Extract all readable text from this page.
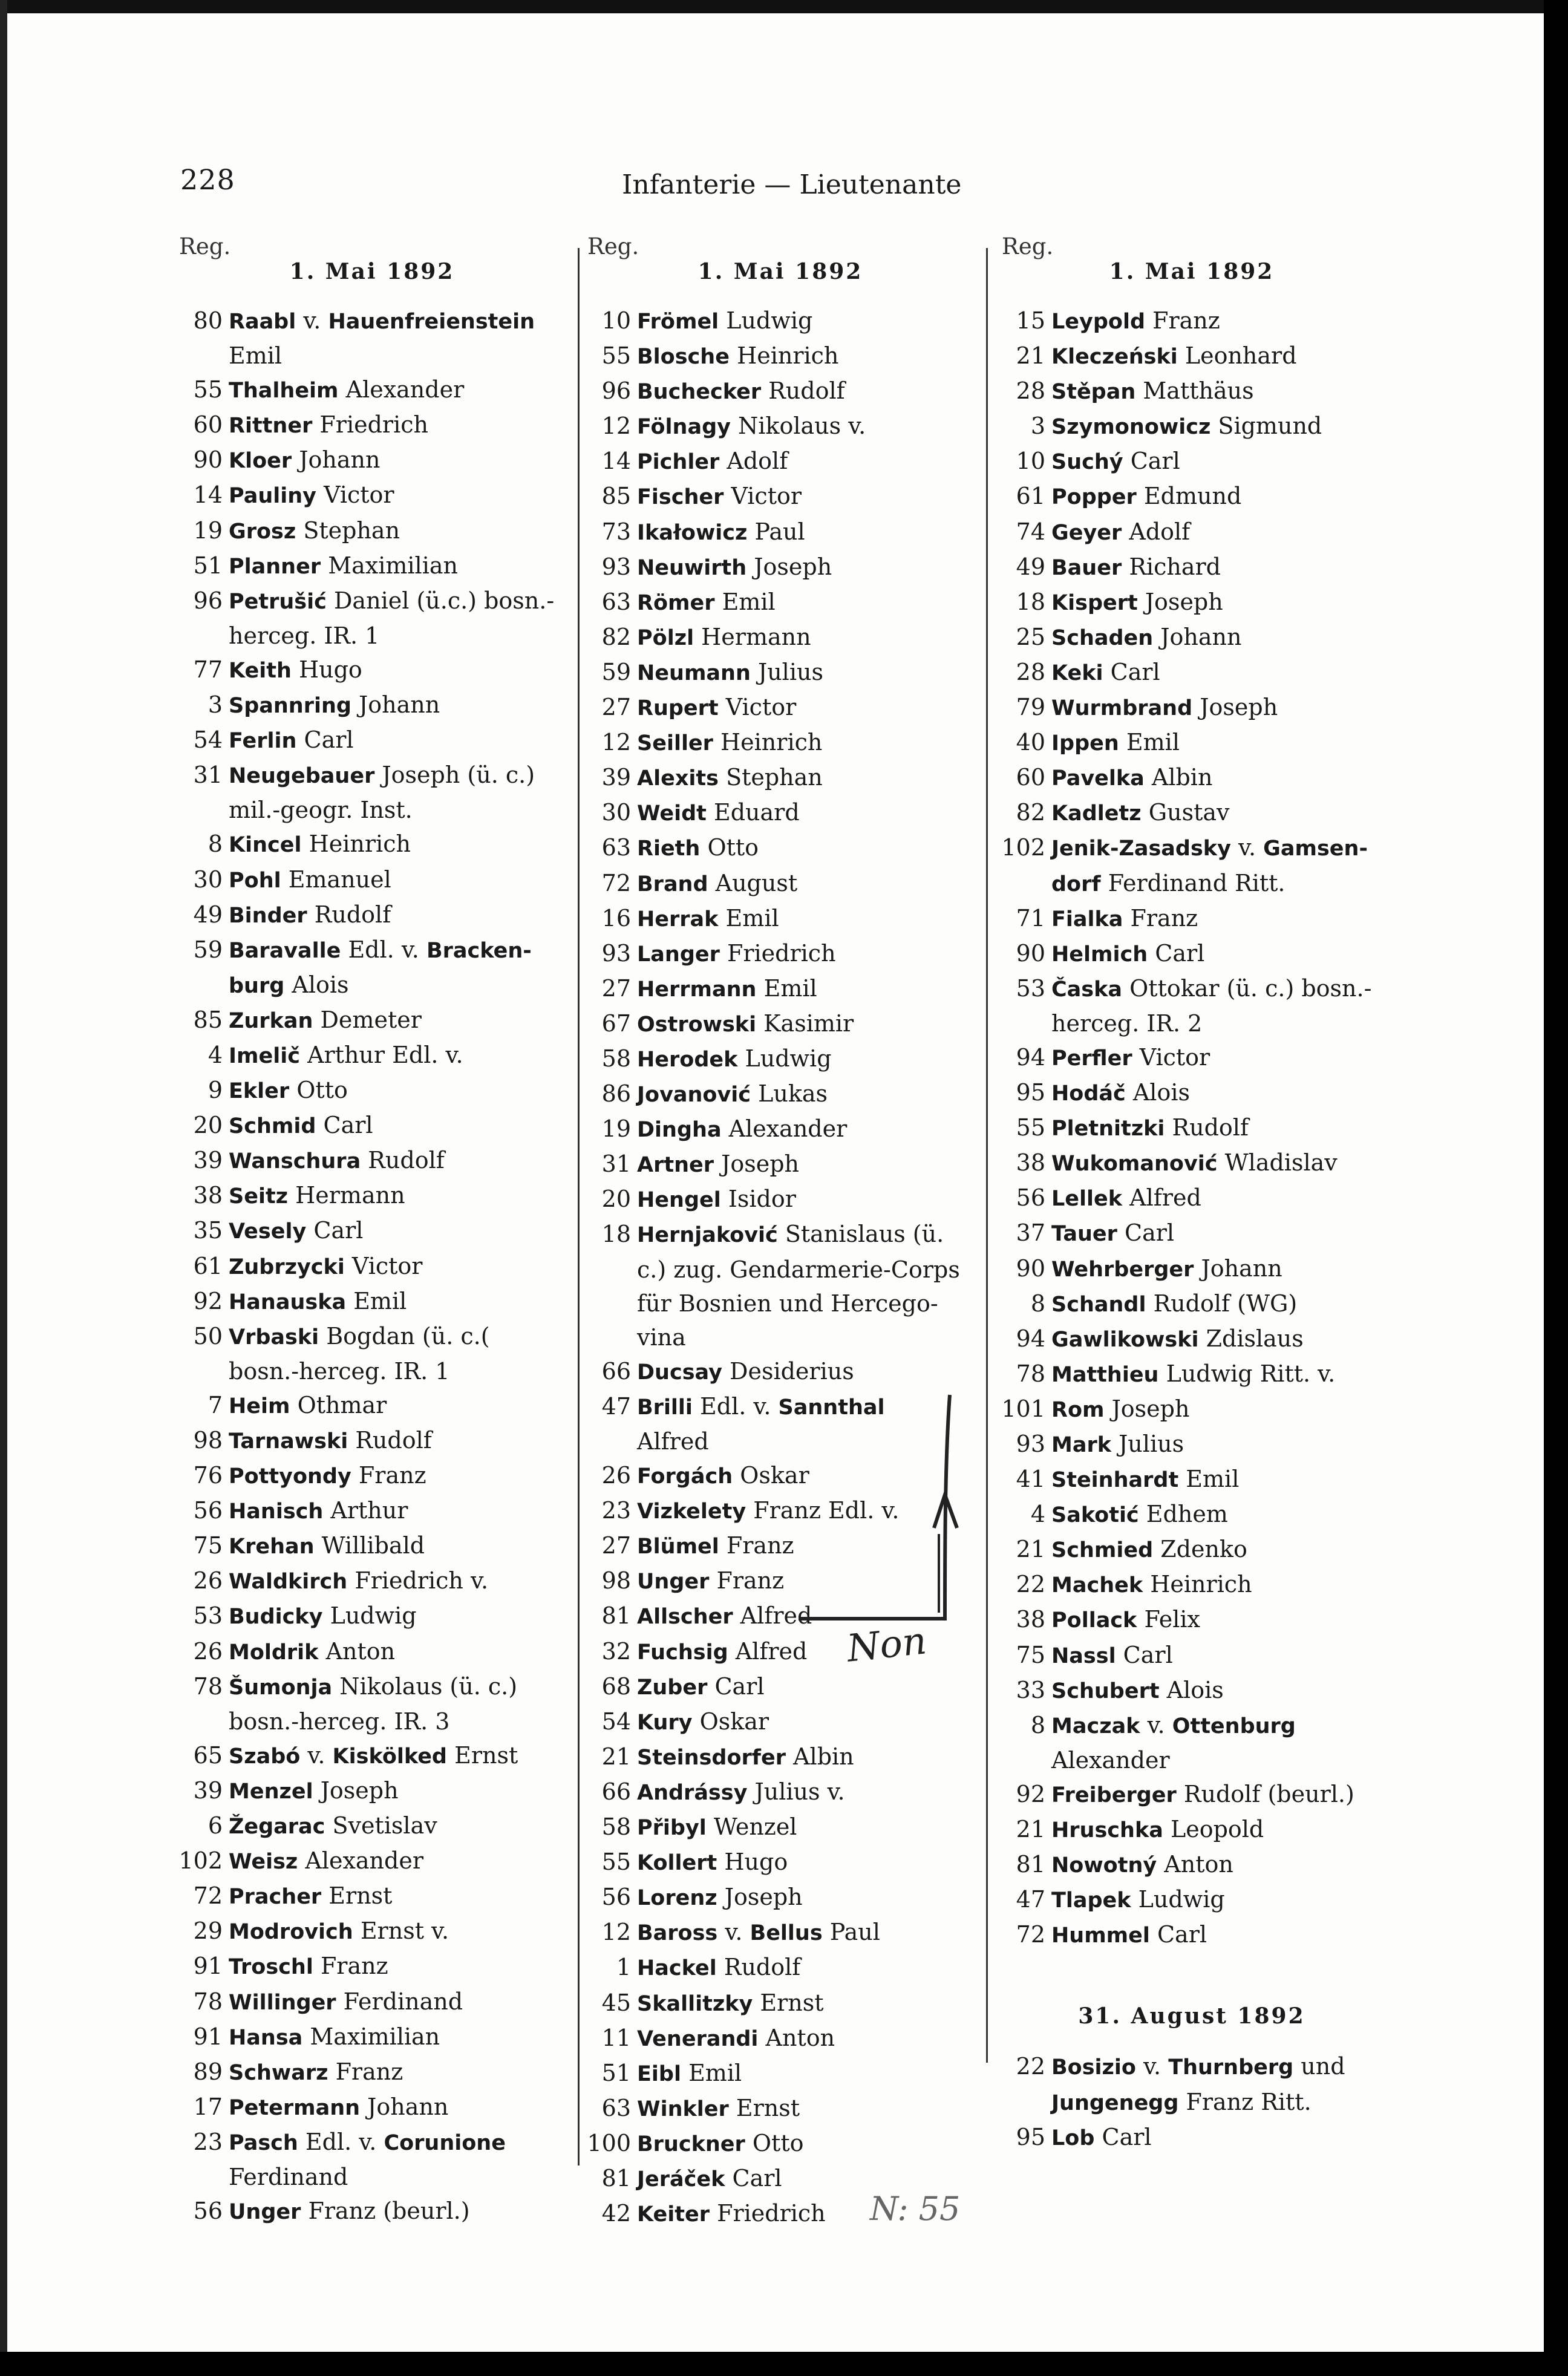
228	Infanterie — Lieutenante
Reg.
1. Mai 1892
80 Raabl v. Hauenfreienstein
Emil
55 Thalheim Alexander
60 Rittner Friedrich
90 Kloer Johann
14 Pauliny Victor
19 Grosz Stephan
51 Planner Maximilian
96 Petrušić Daniel (ü.c.) bosn.-
herceg. IR. 1
77 Keith Hugo
3 Spannring Johann
54 Ferlin Carl
31 Neugebauer Joseph (ü. c.)
mil.-geogr. Inst.
8 Kincel Heinrich
30 Pohl Emanuel
49 Binder Rudolf
59 Baravalle Edl. v. Bracken-
burg Alois
85 Zurkan Demeter
4 Imelič Arthur Edl. v.
9 Ekler Otto
20 Schmid Carl
39 Wanschura Rudolf
38 Seitz Hermann
35 Vesely Carl
61 Zubrzycki Victor
92 Hanauska Emil
50 Vrbaski Bogdan (ü. c.(
bosn.-herceg. IR. 1
7 Heim Othmar
98 Tarnawski Rudolf
76 Pottyondy Franz
56 Hanisch Arthur
75 Krehan Willibald
26 Waldkirch Friedrich v.
53 Budicky Ludwig
26 Moldrik Anton
78 Šumonja Nikolaus (ü. c.)
bosn.-herceg. IR. 3
65 Szabó v. Kiskölked Ernst
39 Menzel Joseph
6 Žegarac Svetislav
102 Weisz Alexander
72 Pracher Ernst
29 Modrovich Ernst v.
91 Troschl Franz
78 Willinger Ferdinand
91 Hansa Maximilian
89 Schwarz Franz
17 Petermann Johann
23 Pasch Edl. v. Corunione
Ferdinand
56 Unger Franz (beurl.)
Reg.
1. Mai 1892
10 Frömel Ludwig
55 Blosche Heinrich
96 Buchecker Rudolf
12 Fölnagy Nikolaus v.
14 Pichler Adolf
85 Fischer Victor
73 Ikałowicz Paul
93 Neuwirth Joseph
63 Römer Emil
82 Pölzl Hermann
59 Neumann Julius
27 Rupert Victor
12 Seiller Heinrich
39 Alexits Stephan
30 Weidt Eduard
63 Rieth Otto
72 Brand August
16 Herrak Emil
93 Langer Friedrich
27 Herrmann Emil
67 Ostrowski Kasimir
58 Herodek Ludwig
86 Jovanović Lukas
19 Dingha Alexander
31 Artner Joseph
20 Hengel Isidor
18 Hernjaković Stanislaus (ü.
c.) zug. Gendarmerie-Corps
für Bosnien und Hercego-
vina
66 Ducsay Desiderius
47 Brilli Edl. v. Sannthal
Alfred
26 Forgách Oskar
23 Vizkelety Franz Edl. v.
27 Blümel Franz
98 Unger Franz
81 Allscher Alfred
32 Fuchsig Alfred
68 Zuber Carl
54 Kury Oskar
21 Steinsdorfer Albin
66 Andrássy Julius v.
58 Přibyl Wenzel
55 Kollert Hugo
56 Lorenz Joseph
12 Baross v. Bellus Paul
1 Hackel Rudolf
45 Skallitzky Ernst
11 Venerandi Anton
51 Eibl Emil
63 Winkler Ernst
100 Bruckner Otto
81 Jeráček Carl
42 Keiter Friedrich
Reg.
1. Mai 1892
15 Leypold Franz
21 Kleczeński Leonhard
28 Stěpan Matthäus
3 Szymonowicz Sigmund
10 Suchý Carl
61 Popper Edmund
74 Geyer Adolf
49 Bauer Richard
18 Kispert Joseph
25 Schaden Johann
28 Keki Carl
79 Wurmbrand Joseph
40 Ippen Emil
60 Pavelka Albin
82 Kadletz Gustav
102 Jenik-Zasadsky v. Gamsen-
dorf Ferdinand Ritt.
71 Fialka Franz
90 Helmich Carl
53 Časka Ottokar (ü. c.) bosn.-
herceg. IR. 2
94 Perfler Victor
95 Hodáč Alois
55 Pletnitzki Rudolf
38 Wukomanović Wladislav
56 Lellek Alfred
37 Tauer Carl
90 Wehrberger Johann
8 Schandl Rudolf (WG)
94 Gawlikowski Zdislaus
78 Matthieu Ludwig Ritt. v.
101 Rom Joseph
93 Mark Julius
41 Steinhardt Emil
4 Sakotić Edhem
21 Schmied Zdenko
22 Machek Heinrich
38 Pollack Felix
75 Nassl Carl
33 Schubert Alois
8 Maczak v. Ottenburg
Alexander
92 Freiberger Rudolf (beurl.)
21 Hruschka Leopold
81 Nowotný Anton
47 Tlapek Ludwig
72 Hummel Carl
31. August 1892
22 Bosizio v. Thurnberg und
Jungenegg Franz Ritt.
95 Lob Carl
Non
N: 55
